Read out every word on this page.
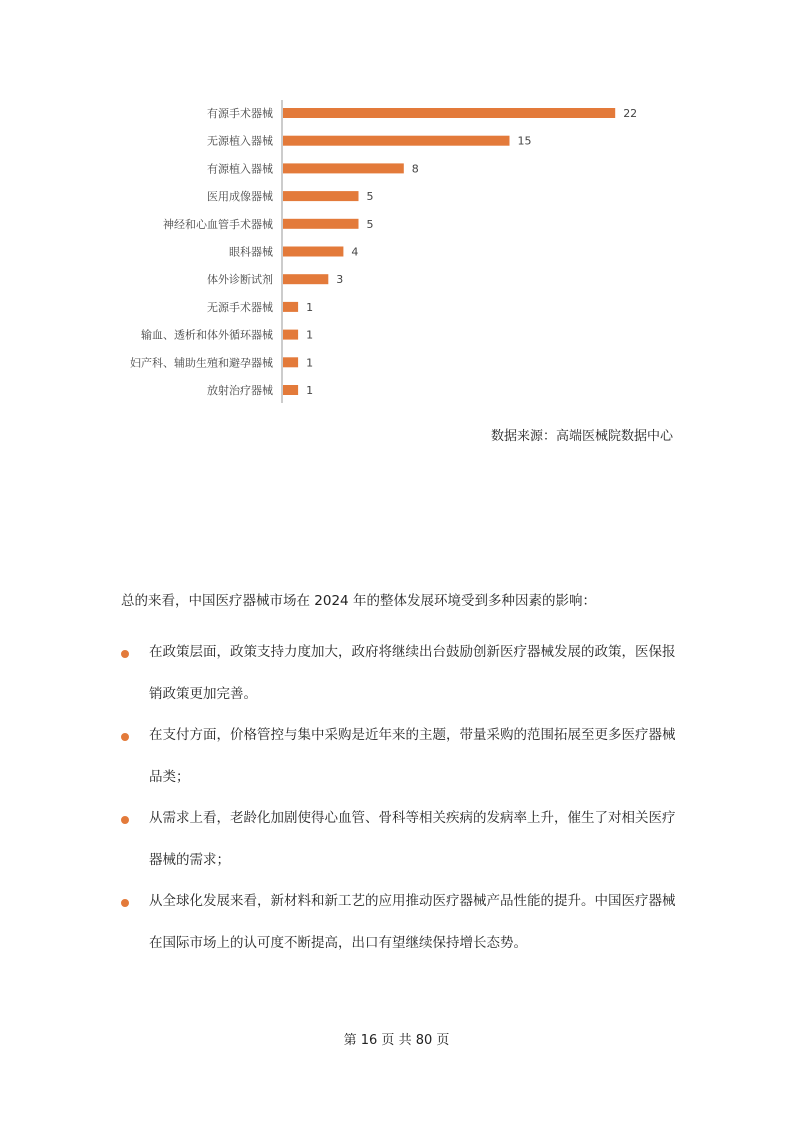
有源手术器械	22
无源植入器械	15
有源植入器械	8
医用成像器械	5
神经和心血管手术器械	5
眼科器械	4
体外诊断试剂	3
无源手术器械	1
输血、透析和体外循环器械	1
妇产科、辅助生殖和避孕器械	1
放射治疗器械	1
数据来源：高端医械院数据中心
总的来看，中国医疗器械市场在 2024 年的整体发展环境受到多种因素的影响：
在政策层面，政策支持力度加大，政府将继续出台鼓励创新医疗器械发展的政策，医保报销政策更加完善。
在支付方面，价格管控与集中采购是近年来的主题，带量采购的范围拓展至更多医疗器械品类；
从需求上看，老龄化加剧使得心血管、骨科等相关疾病的发病率上升，催生了对相关医疗器械的需求；
从全球化发展来看，新材料和新工艺的应用推动医疗器械产品性能的提升。中国医疗器械在国际市场上的认可度不断提高，出口有望继续保持增长态势。
第 16 页 共 80 页
